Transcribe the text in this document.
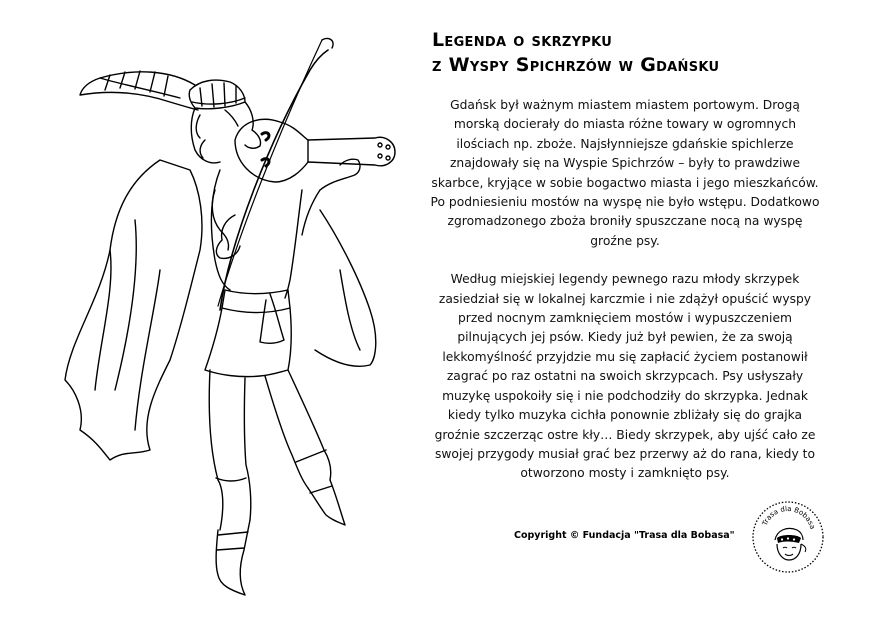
Legenda o skrzypku
z Wyspy Spichrzów w Gdańsku

Gdańsk był ważnym miastem miastem portowym. Drogą morską docierały do miasta różne towary w ogromnych ilościach np. zboże. Najsłynniejsze gdańskie spichlerze znajdowały się na Wyspie Spichrzów – były to prawdziwe skarbce, kryjące w sobie bogactwo miasta i jego mieszkańców. Po podniesieniu mostów na wyspę nie było wstępu. Dodatkowo zgromadzonego zboża broniły spuszczane nocą na wyspę groźne psy.

Według miejskiej legendy pewnego razu młody skrzypek zasiedział się w lokalnej karczmie i nie zdążył opuścić wyspy przed nocnym zamknięciem mostów i wypuszczeniem pilnujących jej psów. Kiedy już był pewien, że za swoją lekkomyślność przyjdzie mu się zapłacić życiem postanowił zagrać po raz ostatni na swoich skrzypcach. Psy usłyszały muzykę uspokoiły się i nie podchodziły do skrzypka. Jednak kiedy tylko muzyka cichła ponownie zbliżały się do grajka groźnie szczerząc ostre kły… Biedy skrzypek, aby ujść cało ze swojej przygody musiał grać bez przerwy aż do rana, kiedy to otworzono mosty i zamknięto psy.

Copyright © Fundacja "Trasa dla Bobasa"
Trasa dla Bobasa
